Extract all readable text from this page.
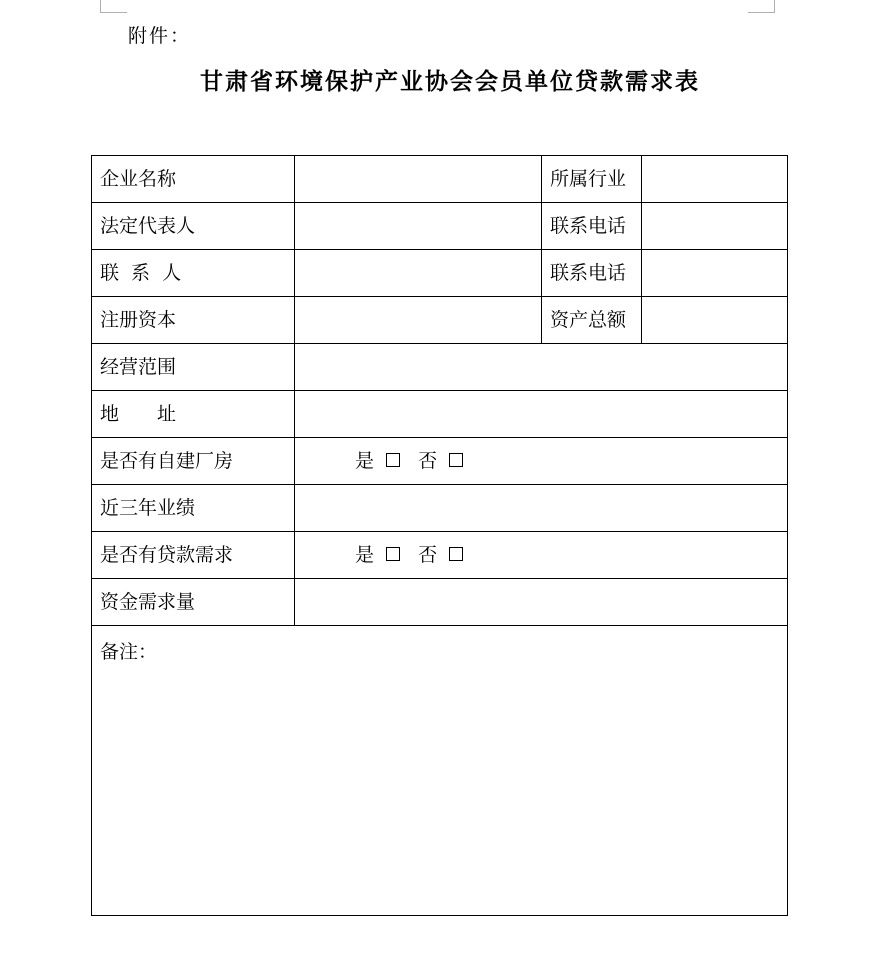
附件：
甘肃省环境保护产业协会会员单位贷款需求表
企业名称		所属行业	
法定代表人		联系电话	
联 系 人		联系电话	
注册资本		资产总额	
经营范围			
地　　址			
是否有自建厂房	是 否		
近三年业绩			
是否有贷款需求	是 否		
资金需求量			
备注：			
